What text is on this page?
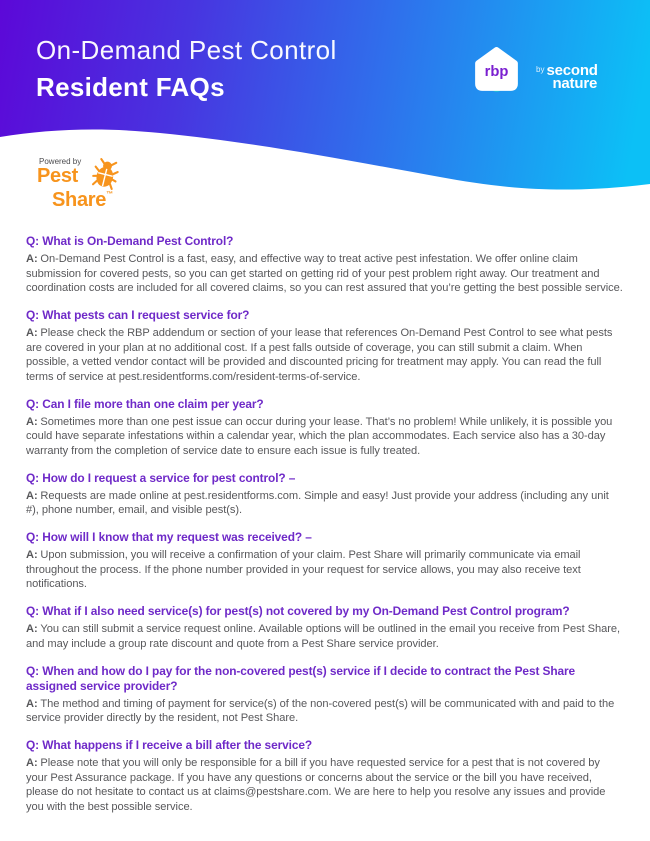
On-Demand Pest Control
Resident FAQs	rbp	by second
nature
Powered by
Pest
Share™
Q: What is On-Demand Pest Control?

A: On-Demand Pest Control is a fast, easy, and effective way to treat active pest infestation. We offer online claim submission for covered pests, so you can get started on getting rid of your pest problem right away. Our treatment and coordination costs are included for all covered claims, so you can rest assured that you’re getting the best possible service.

Q: What pests can I request service for?

A: Please check the RBP addendum or section of your lease that references On-Demand Pest Control to see what pests are covered in your plan at no additional cost. If a pest falls outside of coverage, you can still submit a claim. When possible, a vetted vendor contact will be provided and discounted pricing for treatment may apply. You can read the full terms of service at pest.residentforms.com/resident-terms-of-service.

Q: Can I file more than one claim per year?

A: Sometimes more than one pest issue can occur during your lease. That’s no problem! While unlikely, it is possible you could have separate infestations within a calendar year, which the plan accommodates. Each service also has a 30-day warranty from the completion of service date to ensure each issue is fully treated.

Q: How do I request a service for pest control? –

A: Requests are made online at pest.residentforms.com. Simple and easy! Just provide your address (including any unit #), phone number, email, and visible pest(s).

Q: How will I know that my request was received? –

A: Upon submission, you will receive a confirmation of your claim. Pest Share will primarily communicate via email throughout the process. If the phone number provided in your request for service allows, you may also receive text notifications.

Q: What if I also need service(s) for pest(s) not covered by my On-Demand Pest Control program?

A: You can still submit a service request online. Available options will be outlined in the email you receive from Pest Share, and may include a group rate discount and quote from a Pest Share service provider.

Q: When and how do I pay for the non-covered pest(s) service if I decide to contract the Pest Share assigned service provider?

A: The method and timing of payment for service(s) of the non-covered pest(s) will be communicated with and paid to the service provider directly by the resident, not Pest Share.

Q: What happens if I receive a bill after the service?

A: Please note that you will only be responsible for a bill if you have requested service for a pest that is not covered by your Pest Assurance package. If you have any questions or concerns about the service or the bill you have received, please do not hesitate to contact us at claims@pestshare.com. We are here to help you resolve any issues and provide you with the best possible service.
